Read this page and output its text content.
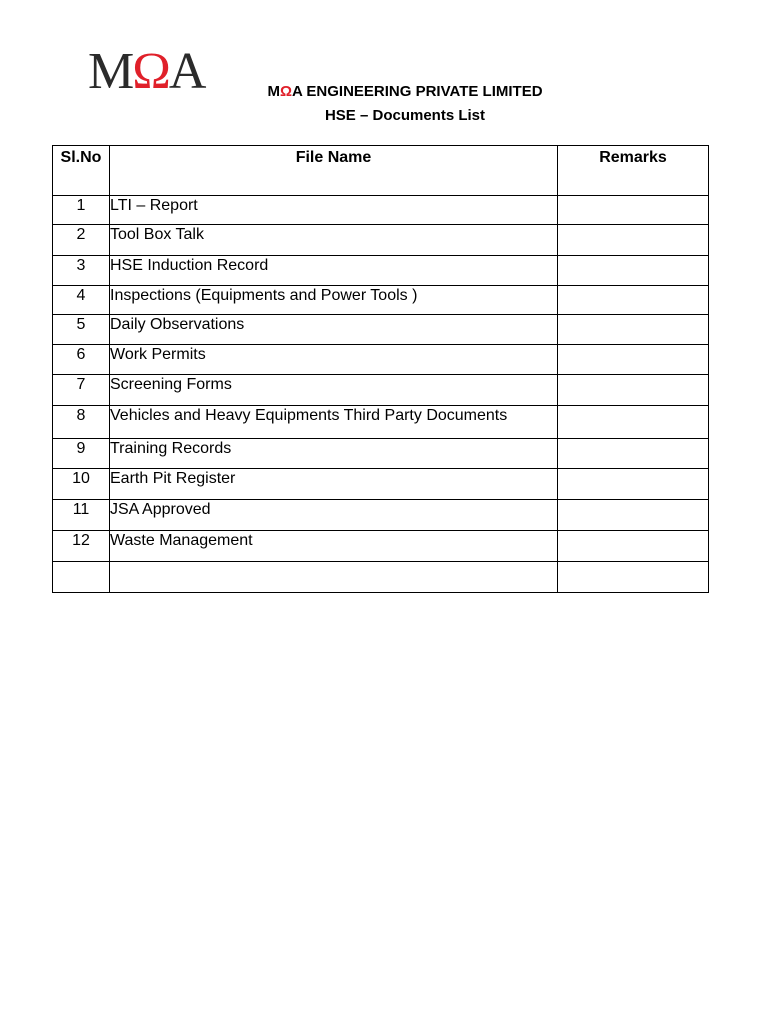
MΩA	MΩA ENGINEERING PRIVATE LIMITED
HSE – Documents List
Sl.No	File Name	Remarks
1	LTI – Report	
2	Tool Box Talk	
3	HSE Induction Record	
4	Inspections (Equipments and Power Tools )	
5	Daily Observations	
6	Work Permits	
7	Screening Forms	
8	Vehicles and Heavy Equipments Third Party Documents	
9	Training Records	
10	Earth Pit Register	
11	JSA Approved	
12	Waste Management	
